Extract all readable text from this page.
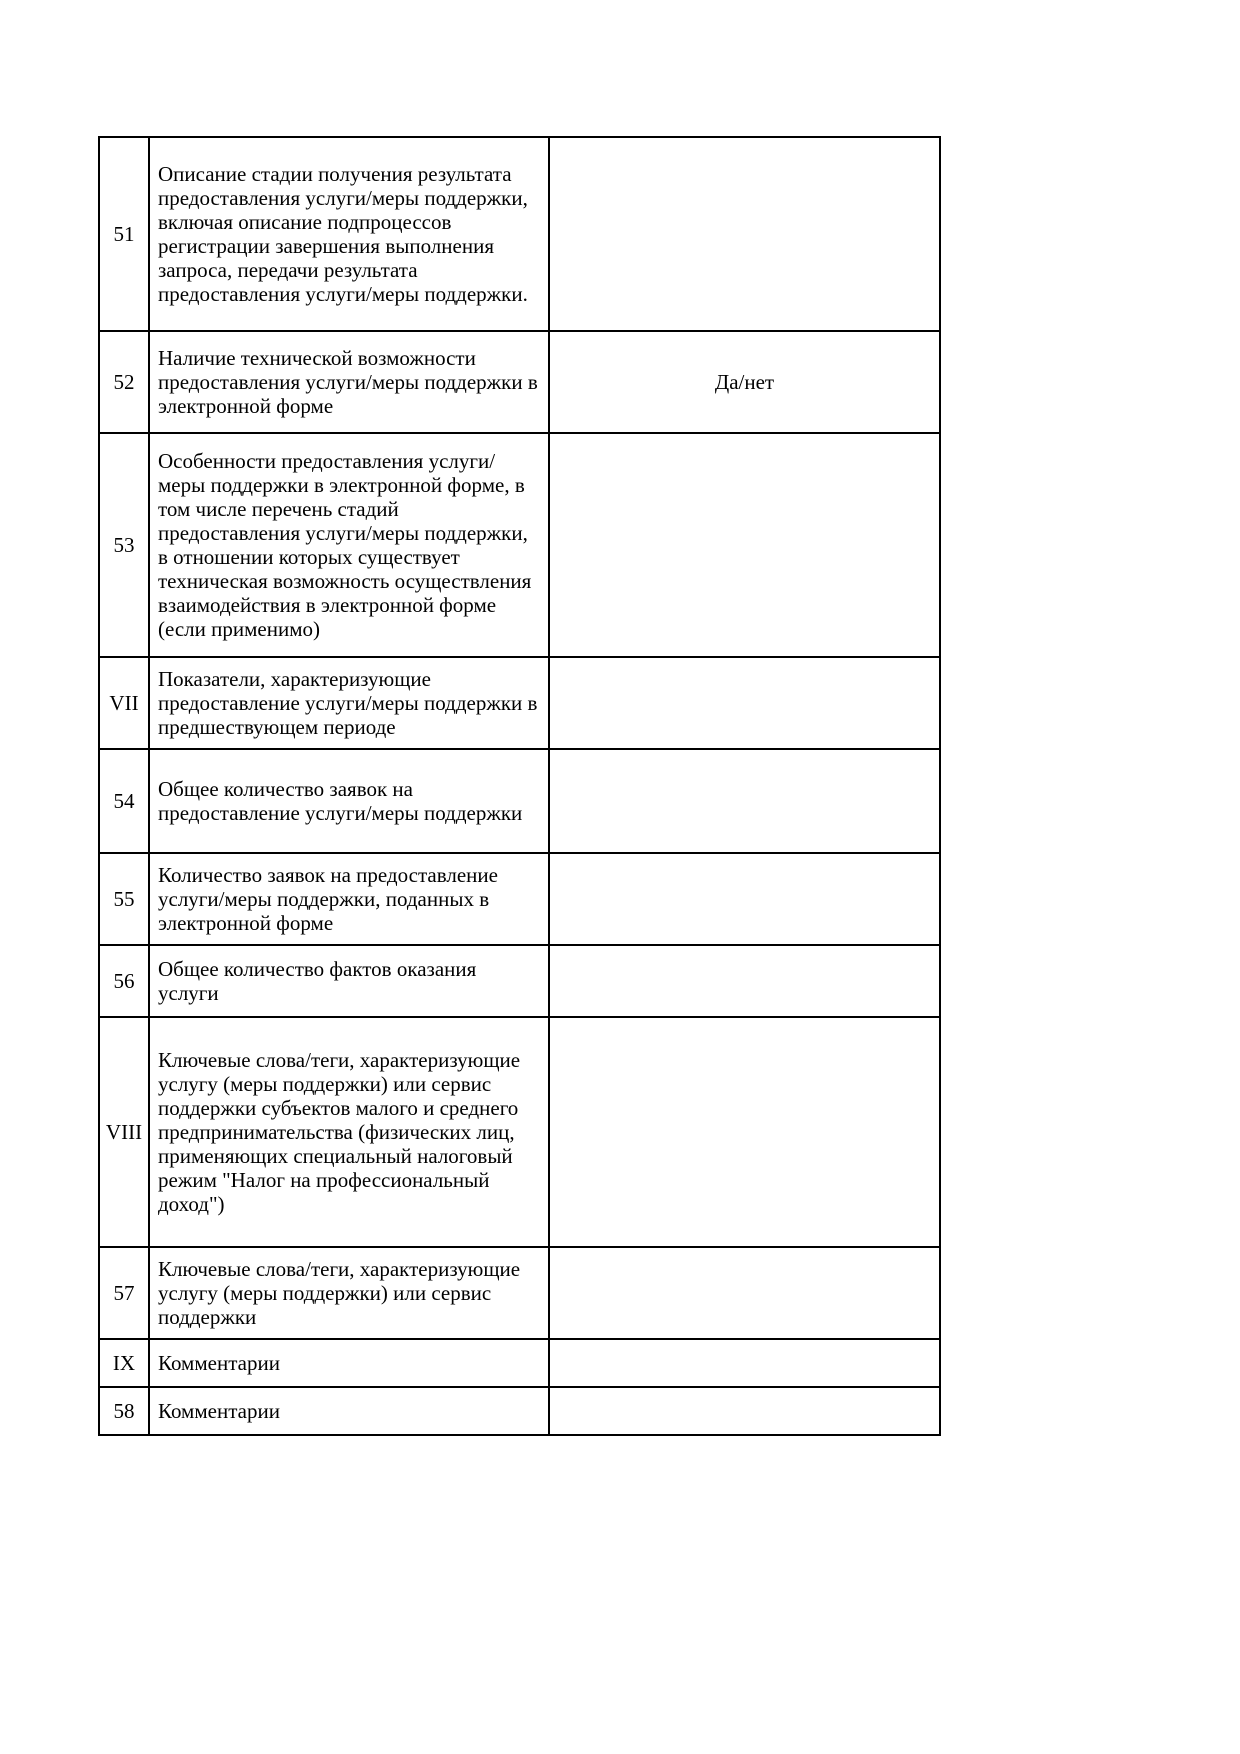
51	Описание стадии получения результата предоставления услуги/меры поддержки, включая описание подпроцессов регистрации завершения выполнения запроса, передачи результата предоставления услуги/меры поддержки.	
52	Наличие технической возможности предоставления услуги/меры поддержки в электронной форме	Да/нет
53	Особенности предоставления услуги/меры поддержки в электронной форме, в том числе перечень стадий предоставления услуги/меры поддержки, в отношении которых существует техническая возможность осуществления взаимодействия в электронной форме (если применимо)	
VII	Показатели, характеризующие предоставление услуги/меры поддержки в предшествующем периоде	
54	Общее количество заявок на предоставление услуги/меры поддержки	
55	Количество заявок на предоставление услуги/меры поддержки, поданных в электронной форме	
56	Общее количество фактов оказания услуги	
VIII	Ключевые слова/теги, характеризующие услугу (меры поддержки) или сервис поддержки субъектов малого и среднего предпринимательства (физических лиц, применяющих специальный налоговый режим "Налог на профессиональный доход")	
57	Ключевые слова/теги, характеризующие услугу (меры поддержки) или сервис поддержки	
IX	Комментарии	
58	Комментарии	
